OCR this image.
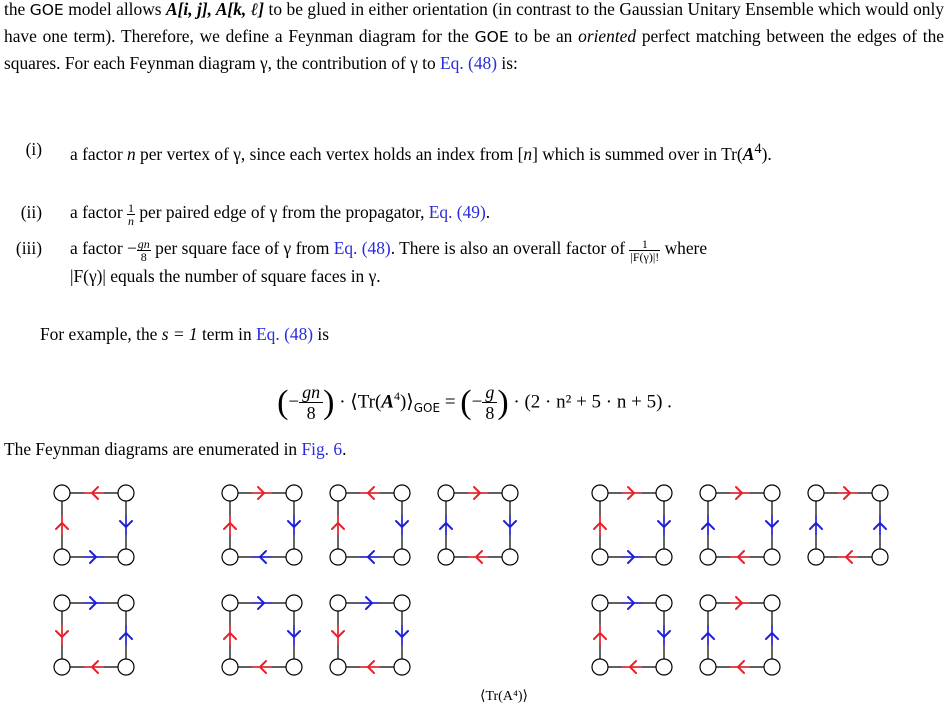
the GOE model allows A[i, j], A[k, ℓ] to be glued in either orientation (in contrast to the Gaussian Unitary Ensemble which would only have one term). Therefore, we define a Feynman diagram for the GOE to be an oriented perfect matching between the edges of the squares. For each Feynman diagram γ, the contribution of γ to Eq. (48) is:
(i) a factor n per vertex of γ, since each vertex holds an index from [n] which is summed over in $Tr(A^4)$.
(ii) a factor $\frac{1}{n}$ per paired edge of γ from the propagator, Eq. (49).
(iii) a factor − $\frac{gn}{8}$ per square face of γ from Eq. (48). There is also an overall factor of $\frac{1}{|F(\gamma)|!}$ where
|F(γ)| equals the number of square faces in γ.
For example, the s = 1 term in Eq. (48) is
(− $\frac{gn}{8}$ ) · $⟨Tr(A^4)⟩_{GOE}$ = (− $\frac{g}{8}$ ) · (2 · n² + 5 · n + 5) .
The Feynman diagrams are enumerated in Fig. 6.
⟨Tr(A⁴)⟩
